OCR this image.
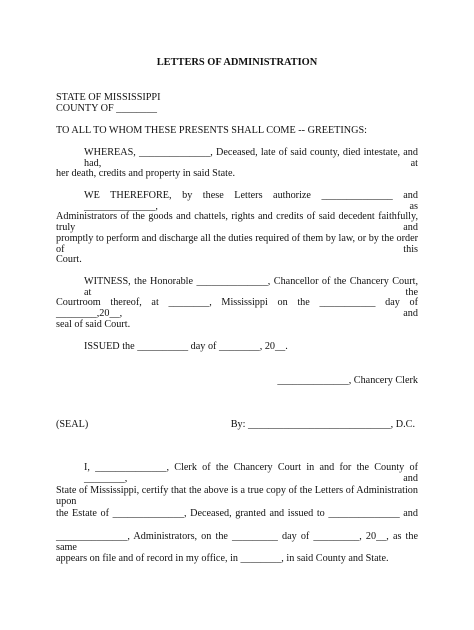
LETTERS OF ADMINISTRATION
STATE OF MISSISSIPPI
COUNTY OF ________
TO ALL TO WHOM THESE PRESENTS SHALL COME -- GREETINGS:
WHEREAS, ______________, Deceased, late of said county, died intestate, and had, at
her death, credits and property in said State.
WE THEREFORE, by these Letters authorize ______________ and ______________, as
Administrators of the goods and chattels, rights and credits of said decedent faithfully, truly and
promptly to perform and discharge all the duties required of them by law, or by the order of this
Court.
WITNESS, the Honorable ______________, Chancellor of the Chancery Court, at the
Courtroom thereof, at ________, Mississippi on the ___________ day of ________,20__, and
seal of said Court.
ISSUED the __________ day of ________, 20__.
______________, Chancery Clerk
(SEAL)	By: ____________________________, D.C.
I, ______________, Clerk of the Chancery Court in and for the County of ________, and
State of Mississippi, certify that the above is a true copy of the Letters of Administration upon
the Estate of ______________, Deceased, granted and issued to ______________ and
______________, Administrators, on the _________ day of _________, 20__, as the same
appears on file and of record in my office, in ________, in said County and State.
